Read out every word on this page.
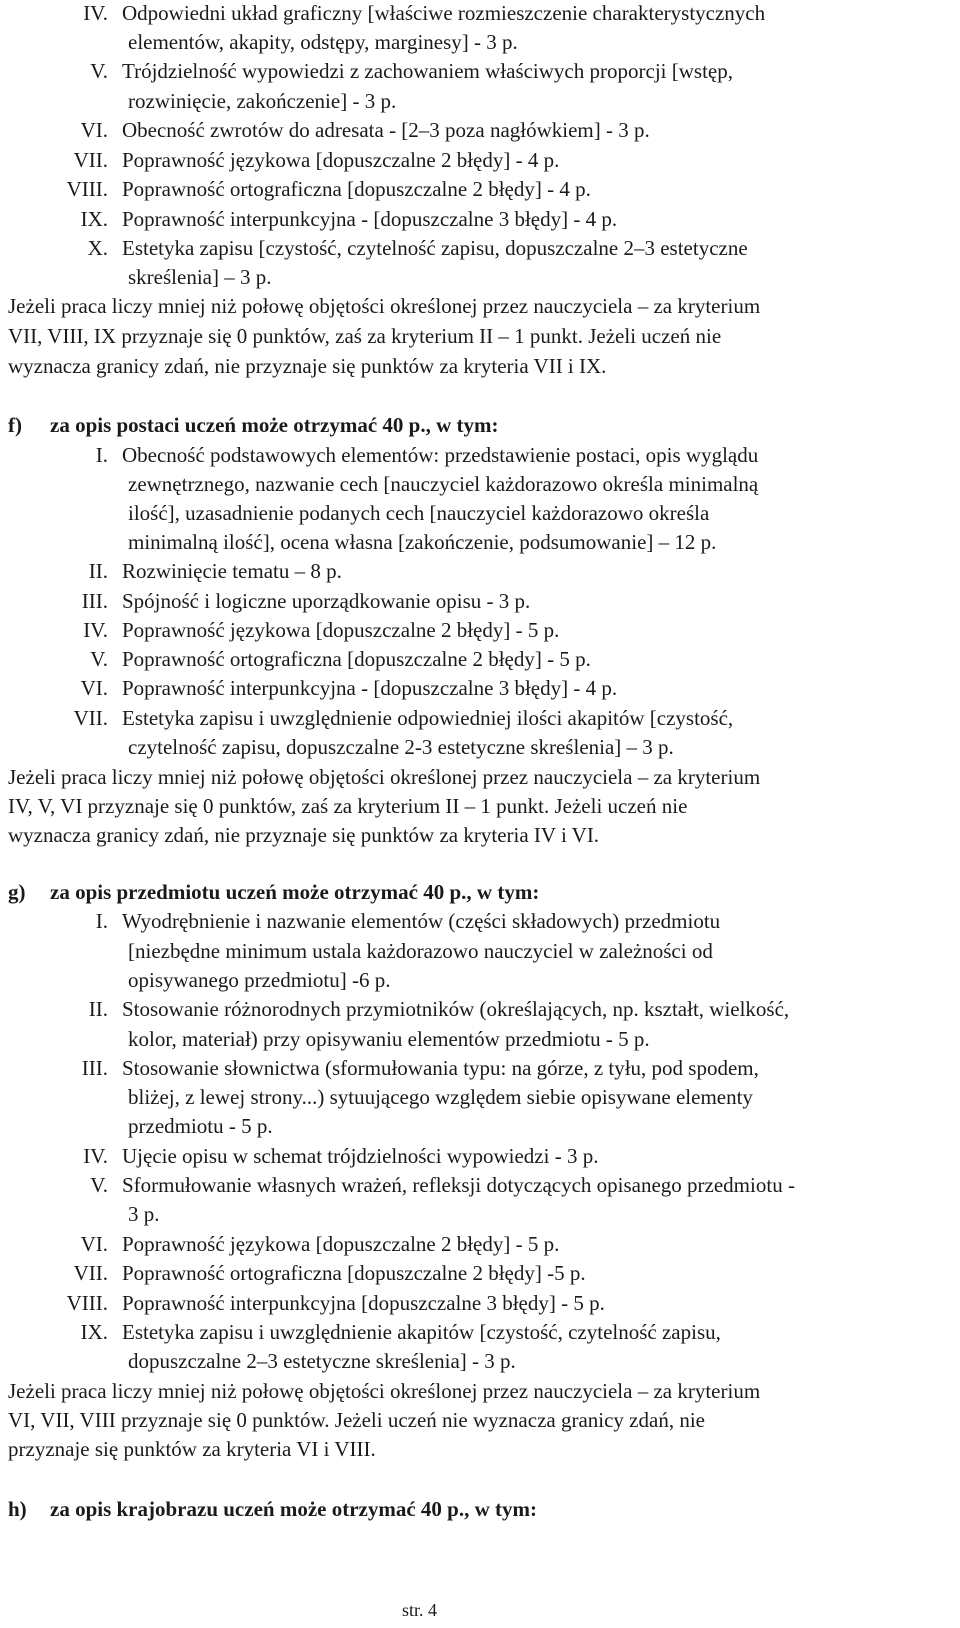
IV. Odpowiedni układ graficzny [właściwe rozmieszczenie charakterystycznych
elementów, akapity, odstępy, marginesy] - 3 p.
V. Trójdzielność wypowiedzi z zachowaniem właściwych proporcji [wstęp,
rozwinięcie, zakończenie] - 3 p.
VI. Obecność zwrotów do adresata - [2–3 poza nagłówkiem] - 3 p.
VII. Poprawność językowa [dopuszczalne 2 błędy] - 4 p.
VIII. Poprawność ortograficzna [dopuszczalne 2 błędy] - 4 p.
IX. Poprawność interpunkcyjna - [dopuszczalne 3 błędy] - 4 p.
X. Estetyka zapisu [czystość, czytelność zapisu, dopuszczalne 2–3 estetyczne
skreślenia] – 3 p.
Jeżeli praca liczy mniej niż połowę objętości określonej przez nauczyciela – za kryterium
VII, VIII, IX przyznaje się 0 punktów, zaś za kryterium II – 1 punkt. Jeżeli uczeń nie
wyznacza granicy zdań, nie przyznaje się punktów za kryteria VII i IX.
f) za opis postaci uczeń może otrzymać 40 p., w tym:
I. Obecność podstawowych elementów: przedstawienie postaci, opis wyglądu
zewnętrznego, nazwanie cech [nauczyciel każdorazowo określa minimalną
ilość], uzasadnienie podanych cech [nauczyciel każdorazowo określa
minimalną ilość], ocena własna [zakończenie, podsumowanie] – 12 p.
II. Rozwinięcie tematu – 8 p.
III. Spójność i logiczne uporządkowanie opisu - 3 p.
IV. Poprawność językowa [dopuszczalne 2 błędy] - 5 p.
V. Poprawność ortograficzna [dopuszczalne 2 błędy] - 5 p.
VI. Poprawność interpunkcyjna - [dopuszczalne 3 błędy] - 4 p.
VII. Estetyka zapisu i uwzględnienie odpowiedniej ilości akapitów [czystość,
czytelność zapisu, dopuszczalne 2-3 estetyczne skreślenia] – 3 p.
Jeżeli praca liczy mniej niż połowę objętości określonej przez nauczyciela – za kryterium
IV, V, VI przyznaje się 0 punktów, zaś za kryterium II – 1 punkt. Jeżeli uczeń nie
wyznacza granicy zdań, nie przyznaje się punktów za kryteria IV i VI.
g) za opis przedmiotu uczeń może otrzymać 40 p., w tym:
I. Wyodrębnienie i nazwanie elementów (części składowych) przedmiotu
[niezbędne minimum ustala każdorazowo nauczyciel w zależności od
opisywanego przedmiotu] -6 p.
II. Stosowanie różnorodnych przymiotników (określających, np. kształt, wielkość,
kolor, materiał) przy opisywaniu elementów przedmiotu - 5 p.
III. Stosowanie słownictwa (sformułowania typu: na górze, z tyłu, pod spodem,
bliżej, z lewej strony...) sytuującego względem siebie opisywane elementy
przedmiotu - 5 p.
IV. Ujęcie opisu w schemat trójdzielności wypowiedzi - 3 p.
V. Sformułowanie własnych wrażeń, refleksji dotyczących opisanego przedmiotu -
3 p.
VI. Poprawność językowa [dopuszczalne 2 błędy] - 5 p.
VII. Poprawność ortograficzna [dopuszczalne 2 błędy] -5 p.
VIII. Poprawność interpunkcyjna [dopuszczalne 3 błędy] - 5 p.
IX. Estetyka zapisu i uwzględnienie akapitów [czystość, czytelność zapisu,
dopuszczalne 2–3 estetyczne skreślenia] - 3 p.
Jeżeli praca liczy mniej niż połowę objętości określonej przez nauczyciela – za kryterium
VI, VII, VIII przyznaje się 0 punktów. Jeżeli uczeń nie wyznacza granicy zdań, nie
przyznaje się punktów za kryteria VI i VIII.
h) za opis krajobrazu uczeń może otrzymać 40 p., w tym:
str. 4
